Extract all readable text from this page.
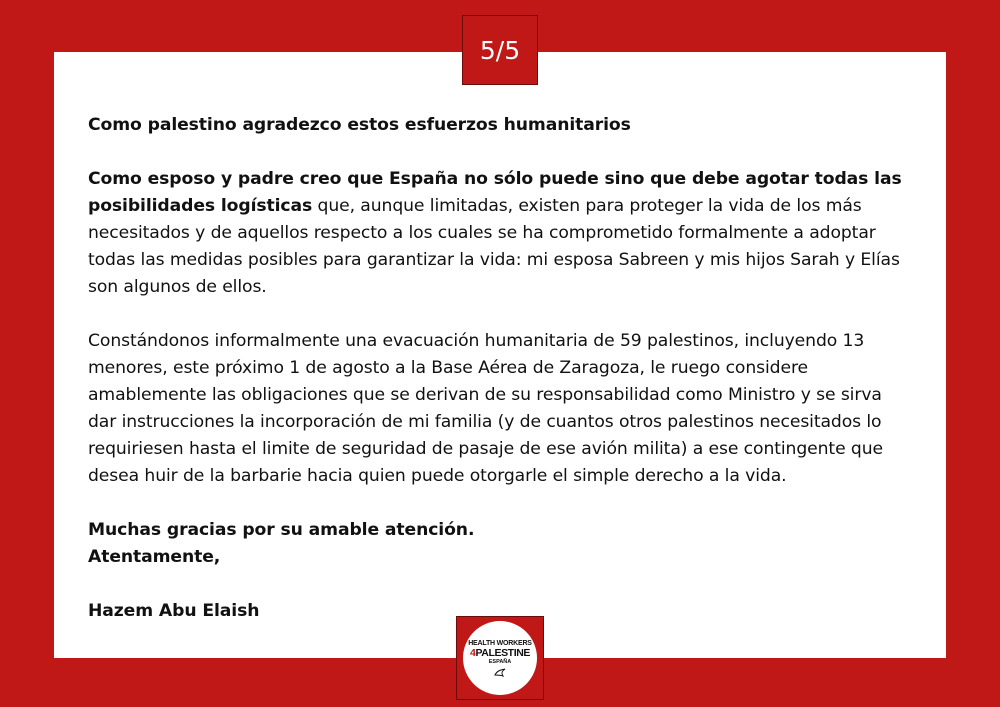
5/5

Como palestino agradezco estos esfuerzos humanitarios

Como esposo y padre creo que España no sólo puede sino que debe agotar todas las posibilidades logísticas que, aunque limitadas, existen para proteger la vida de los más necesitados y de aquellos respecto a los cuales se ha comprometido formalmente a adoptar todas las medidas posibles para garantizar la vida: mi esposa Sabreen y mis hijos Sarah y Elías son algunos de ellos.

Constándonos informalmente una evacuación humanitaria de 59 palestinos, incluyendo 13 menores, este próximo 1 de agosto a la Base Aérea de Zaragoza, le ruego considere amablemente las obligaciones que se derivan de su responsabilidad como Ministro y se sirva dar instrucciones la incorporación de mi familia (y de cuantos otros palestinos necesitados lo requiriesen hasta el limite de seguridad de pasaje de ese avión milita) a ese contingente que desea huir de la barbarie hacia quien puede otorgarle el simple derecho a la vida.

Muchas gracias por su amable atención.

Atentamente,

Hazem Abu Elaish

HEALTH WORKERS
4PALESTINE
ESPAÑA
